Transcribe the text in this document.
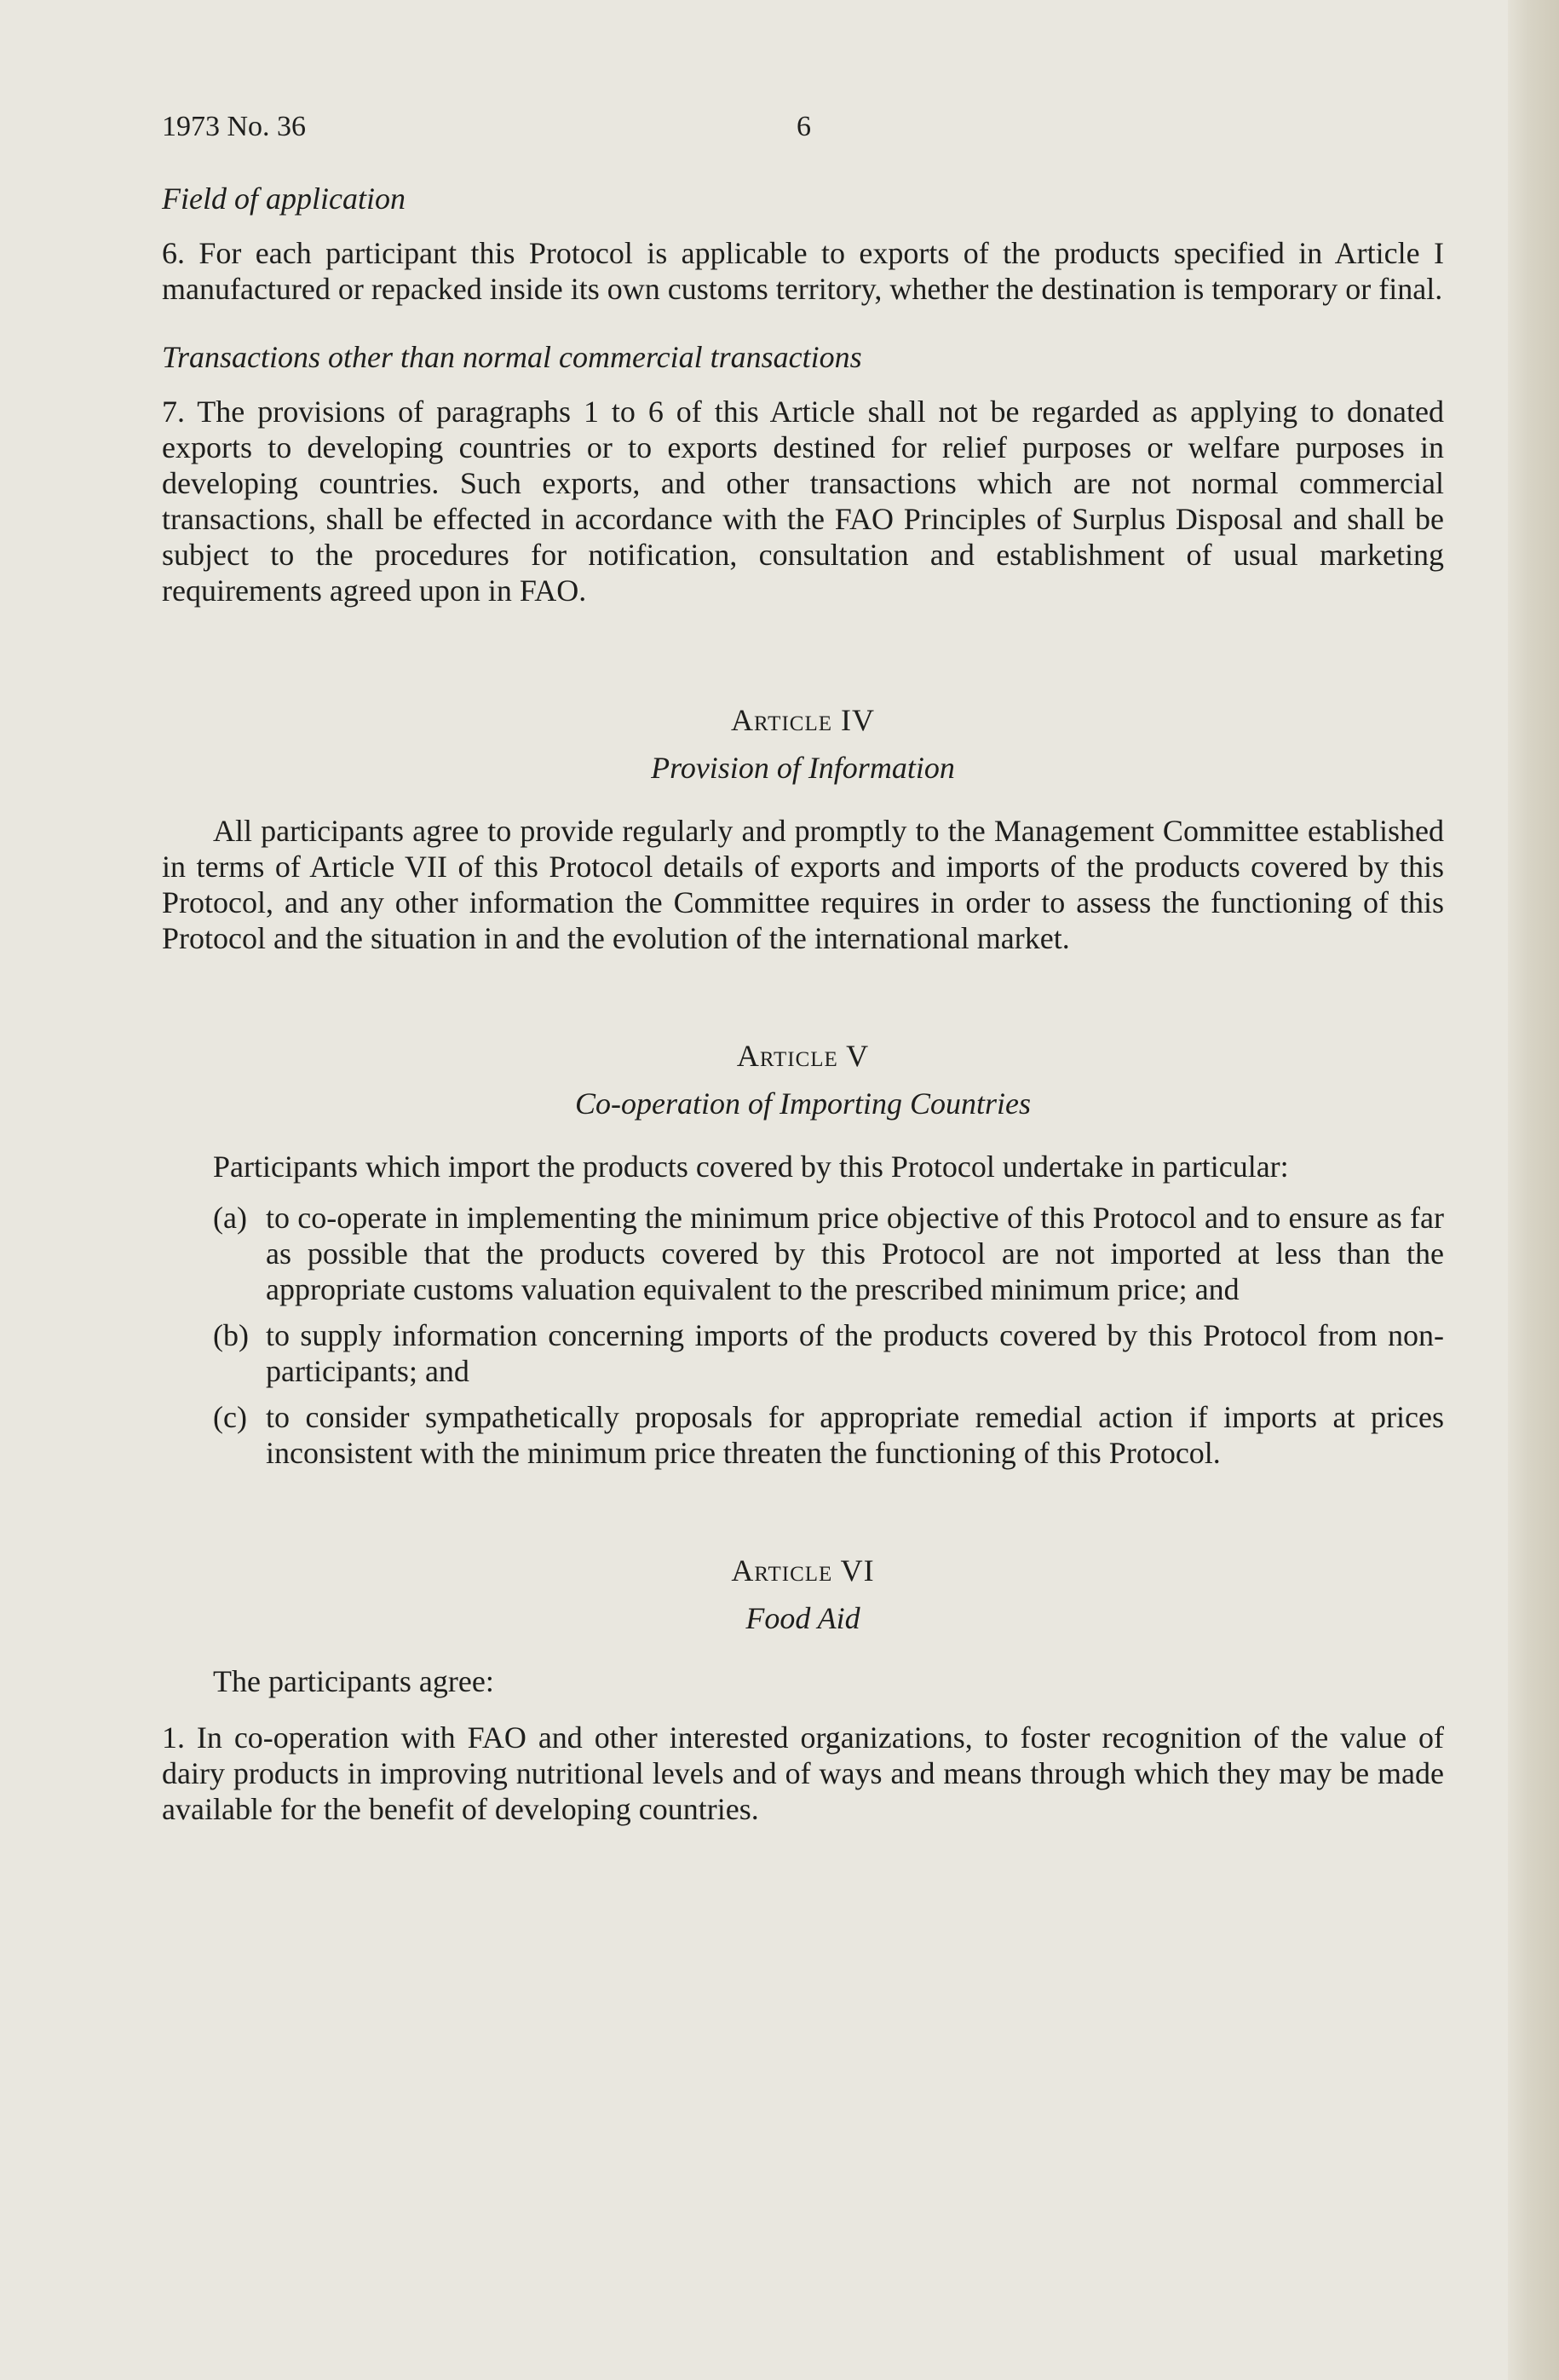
1973 No. 36	6
Field of application

6. For each participant this Protocol is applicable to exports of the products specified in Article I manufactured or repacked inside its own customs territory, whether the destination is temporary or final.

Transactions other than normal commercial transactions

7. The provisions of paragraphs 1 to 6 of this Article shall not be regarded as applying to donated exports to developing countries or to exports destined for relief purposes or welfare purposes in developing countries. Such exports, and other transactions which are not normal commercial transactions, shall be effected in accordance with the FAO Principles of Surplus Disposal and shall be subject to the procedures for notification, consultation and establishment of usual marketing requirements agreed upon in FAO.

Article IV
Provision of Information

All participants agree to provide regularly and promptly to the Management Committee established in terms of Article VII of this Protocol details of exports and imports of the products covered by this Protocol, and any other information the Committee requires in order to assess the functioning of this Protocol and the situation in and the evolution of the international market.

Article V
Co-operation of Importing Countries

Participants which import the products covered by this Protocol undertake in particular:

(a) to co-operate in implementing the minimum price objective of this Protocol and to ensure as far as possible that the products covered by this Protocol are not imported at less than the appropriate customs valuation equivalent to the prescribed minimum price; and
(b) to supply information concerning imports of the products covered by this Protocol from non-participants; and
(c) to consider sympathetically proposals for appropriate remedial action if imports at prices inconsistent with the minimum price threaten the functioning of this Protocol.
Article VI
Food Aid

The participants agree:

1. In co-operation with FAO and other interested organizations, to foster recognition of the value of dairy products in improving nutritional levels and of ways and means through which they may be made available for the benefit of developing countries.
